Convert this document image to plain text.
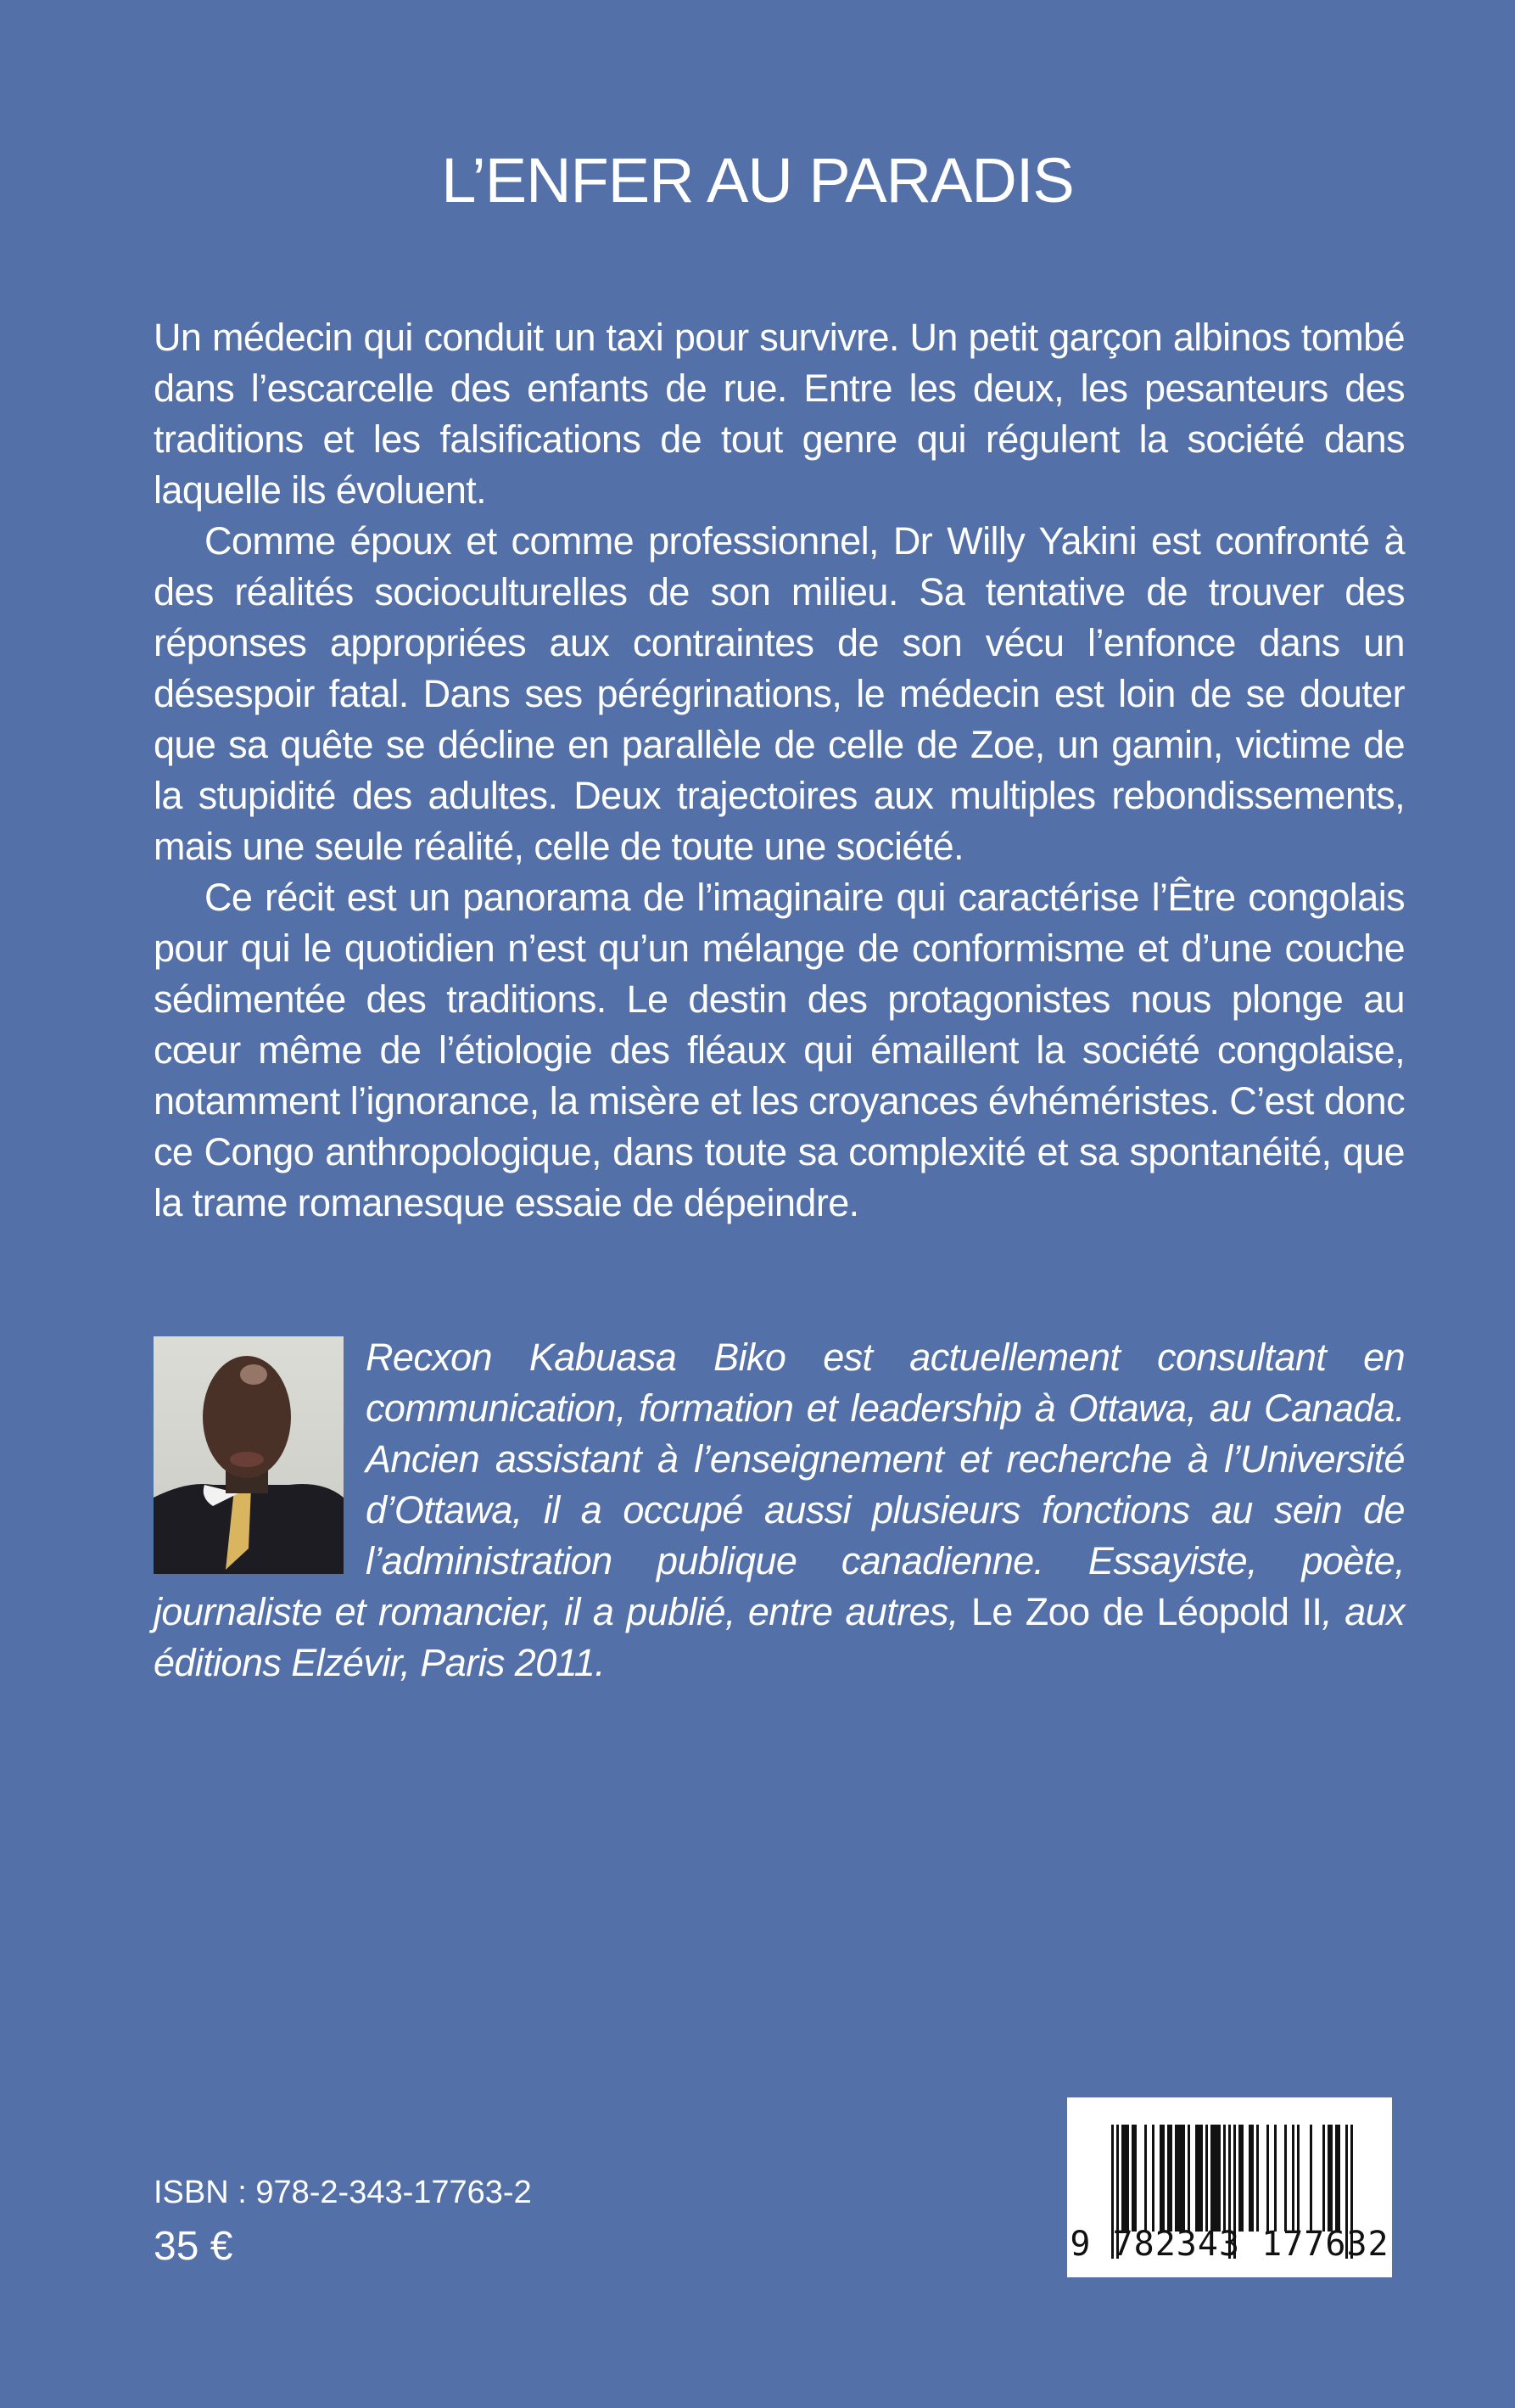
L’ENFER AU PARADIS

Un médecin qui conduit un taxi pour survivre. Un petit garçon albinos tombé dans l’escarcelle des enfants de rue. Entre les deux, les pesanteurs des traditions et les falsifications de tout genre qui régulent la société dans laquelle ils évoluent.

Comme époux et comme professionnel, Dr Willy Yakini est confronté à des réalités socioculturelles de son milieu. Sa tentative de trouver des réponses appropriées aux contraintes de son vécu l’enfonce dans un désespoir fatal. Dans ses pérégrinations, le médecin est loin de se douter que sa quête se décline en parallèle de celle de Zoe, un gamin, victime de la stupidité des adultes. Deux trajectoires aux multiples rebondissements, mais une seule réalité, celle de toute une société.

Ce récit est un panorama de l’imaginaire qui caractérise l’Être congolais pour qui le quotidien n’est qu’un mélange de conformisme et d’une couche sédimentée des traditions. Le destin des protagonistes nous plonge au cœur même de l’étiologie des fléaux qui émaillent la société congolaise, notamment l’ignorance, la misère et les croyances évhéméristes. C’est donc ce Congo anthropologique, dans toute sa complexité et sa spontanéité, que la trame romanesque essaie de dépeindre.

Recxon Kabuasa Biko est actuellement consultant en communication, formation et leadership à Ottawa, au Canada. Ancien assistant à l’enseignement et recherche à l’Université d’Ottawa, il a occupé aussi plusieurs fonctions au sein de l’administration publique canadienne. Essayiste, poète, journaliste et romancier, il a publié, entre autres, Le Zoo de Léopold II, aux éditions Elzévir, Paris 2011.

ISBN : 978-2-343-17763-2
35 €	9 782343 177632
